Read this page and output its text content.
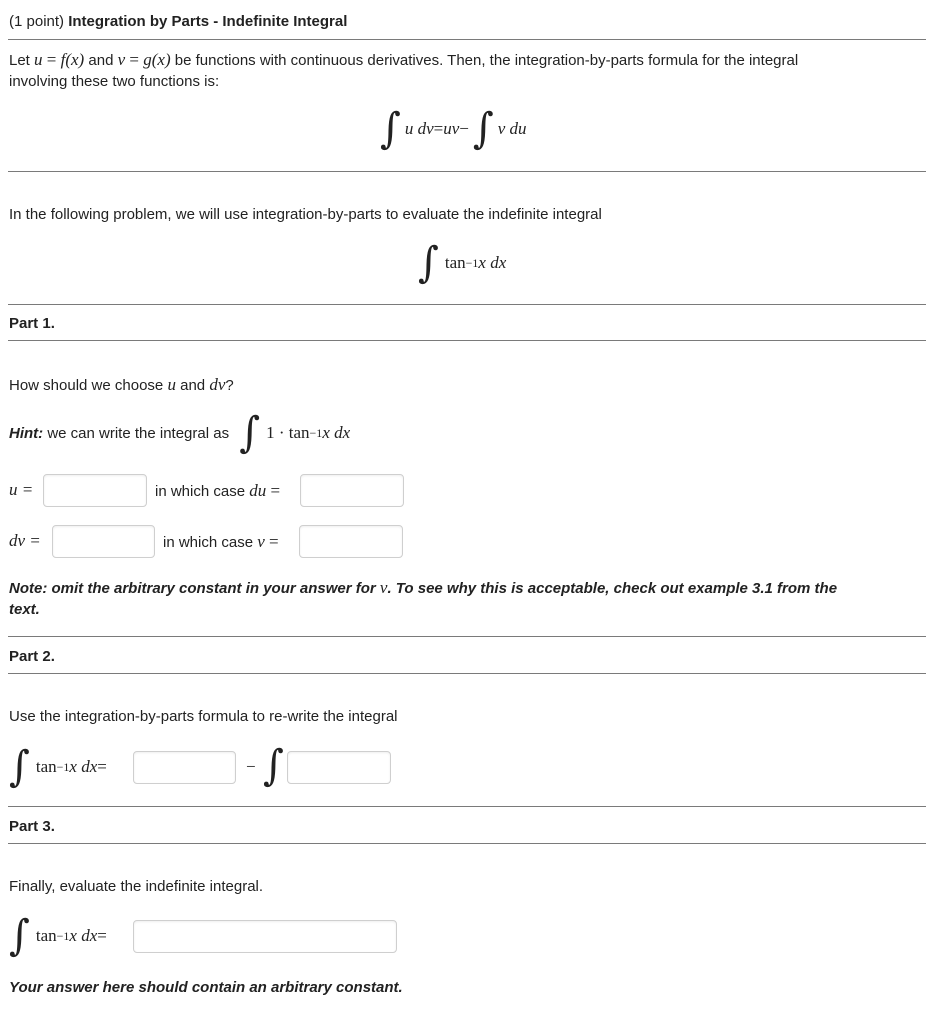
(1 point) Integration by Parts - Indefinite Integral
Let u = f(x) and v = g(x) be functions with continuous derivatives. Then, the integration-by-parts formula for the integral
involving these two functions is:
∫ u dv = uv − ∫ v du
In the following problem, we will use integration-by-parts to evaluate the indefinite integral
∫ tan −1 x dx
Part 1.
How should we choose u and dv?
Hint: we can write the integral as ∫ 1 · tan −1 x dx
u =	in which case du =
dv =	in which case v =
Note: omit the arbitrary constant in your answer for v. To see why this is acceptable, check out example 3.1 from the
text.
Part 2.
Use the integration-by-parts formula to re-write the integral
∫ tan −1 x dx =	− ∫
Part 3.
Finally, evaluate the indefinite integral.
∫ tan −1 x dx =
Your answer here should contain an arbitrary constant.
